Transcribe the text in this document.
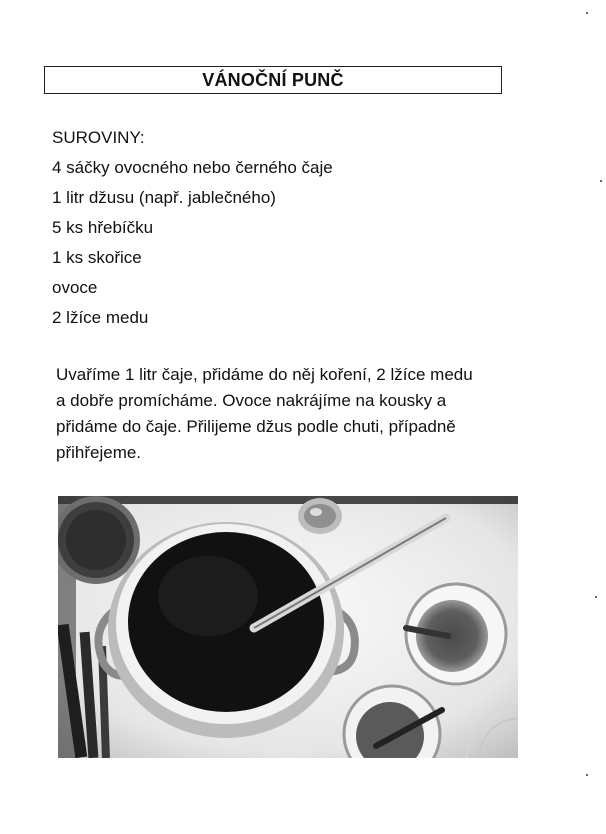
VÁNOČNÍ PUNČ
SUROVINY:
4 sáčky ovocného nebo černého čaje
1 litr džusu (např. jablečného)
5 ks hřebíčku
1 ks skořice
ovoce
2 lžíce medu
Uvaříme 1 litr čaje, přidáme do něj koření, 2 lžíce medu
a dobře promícháme. Ovoce nakrájíme na kousky a
přidáme do čaje. Přilijeme džus podle chuti, případně
přihřejeme.
